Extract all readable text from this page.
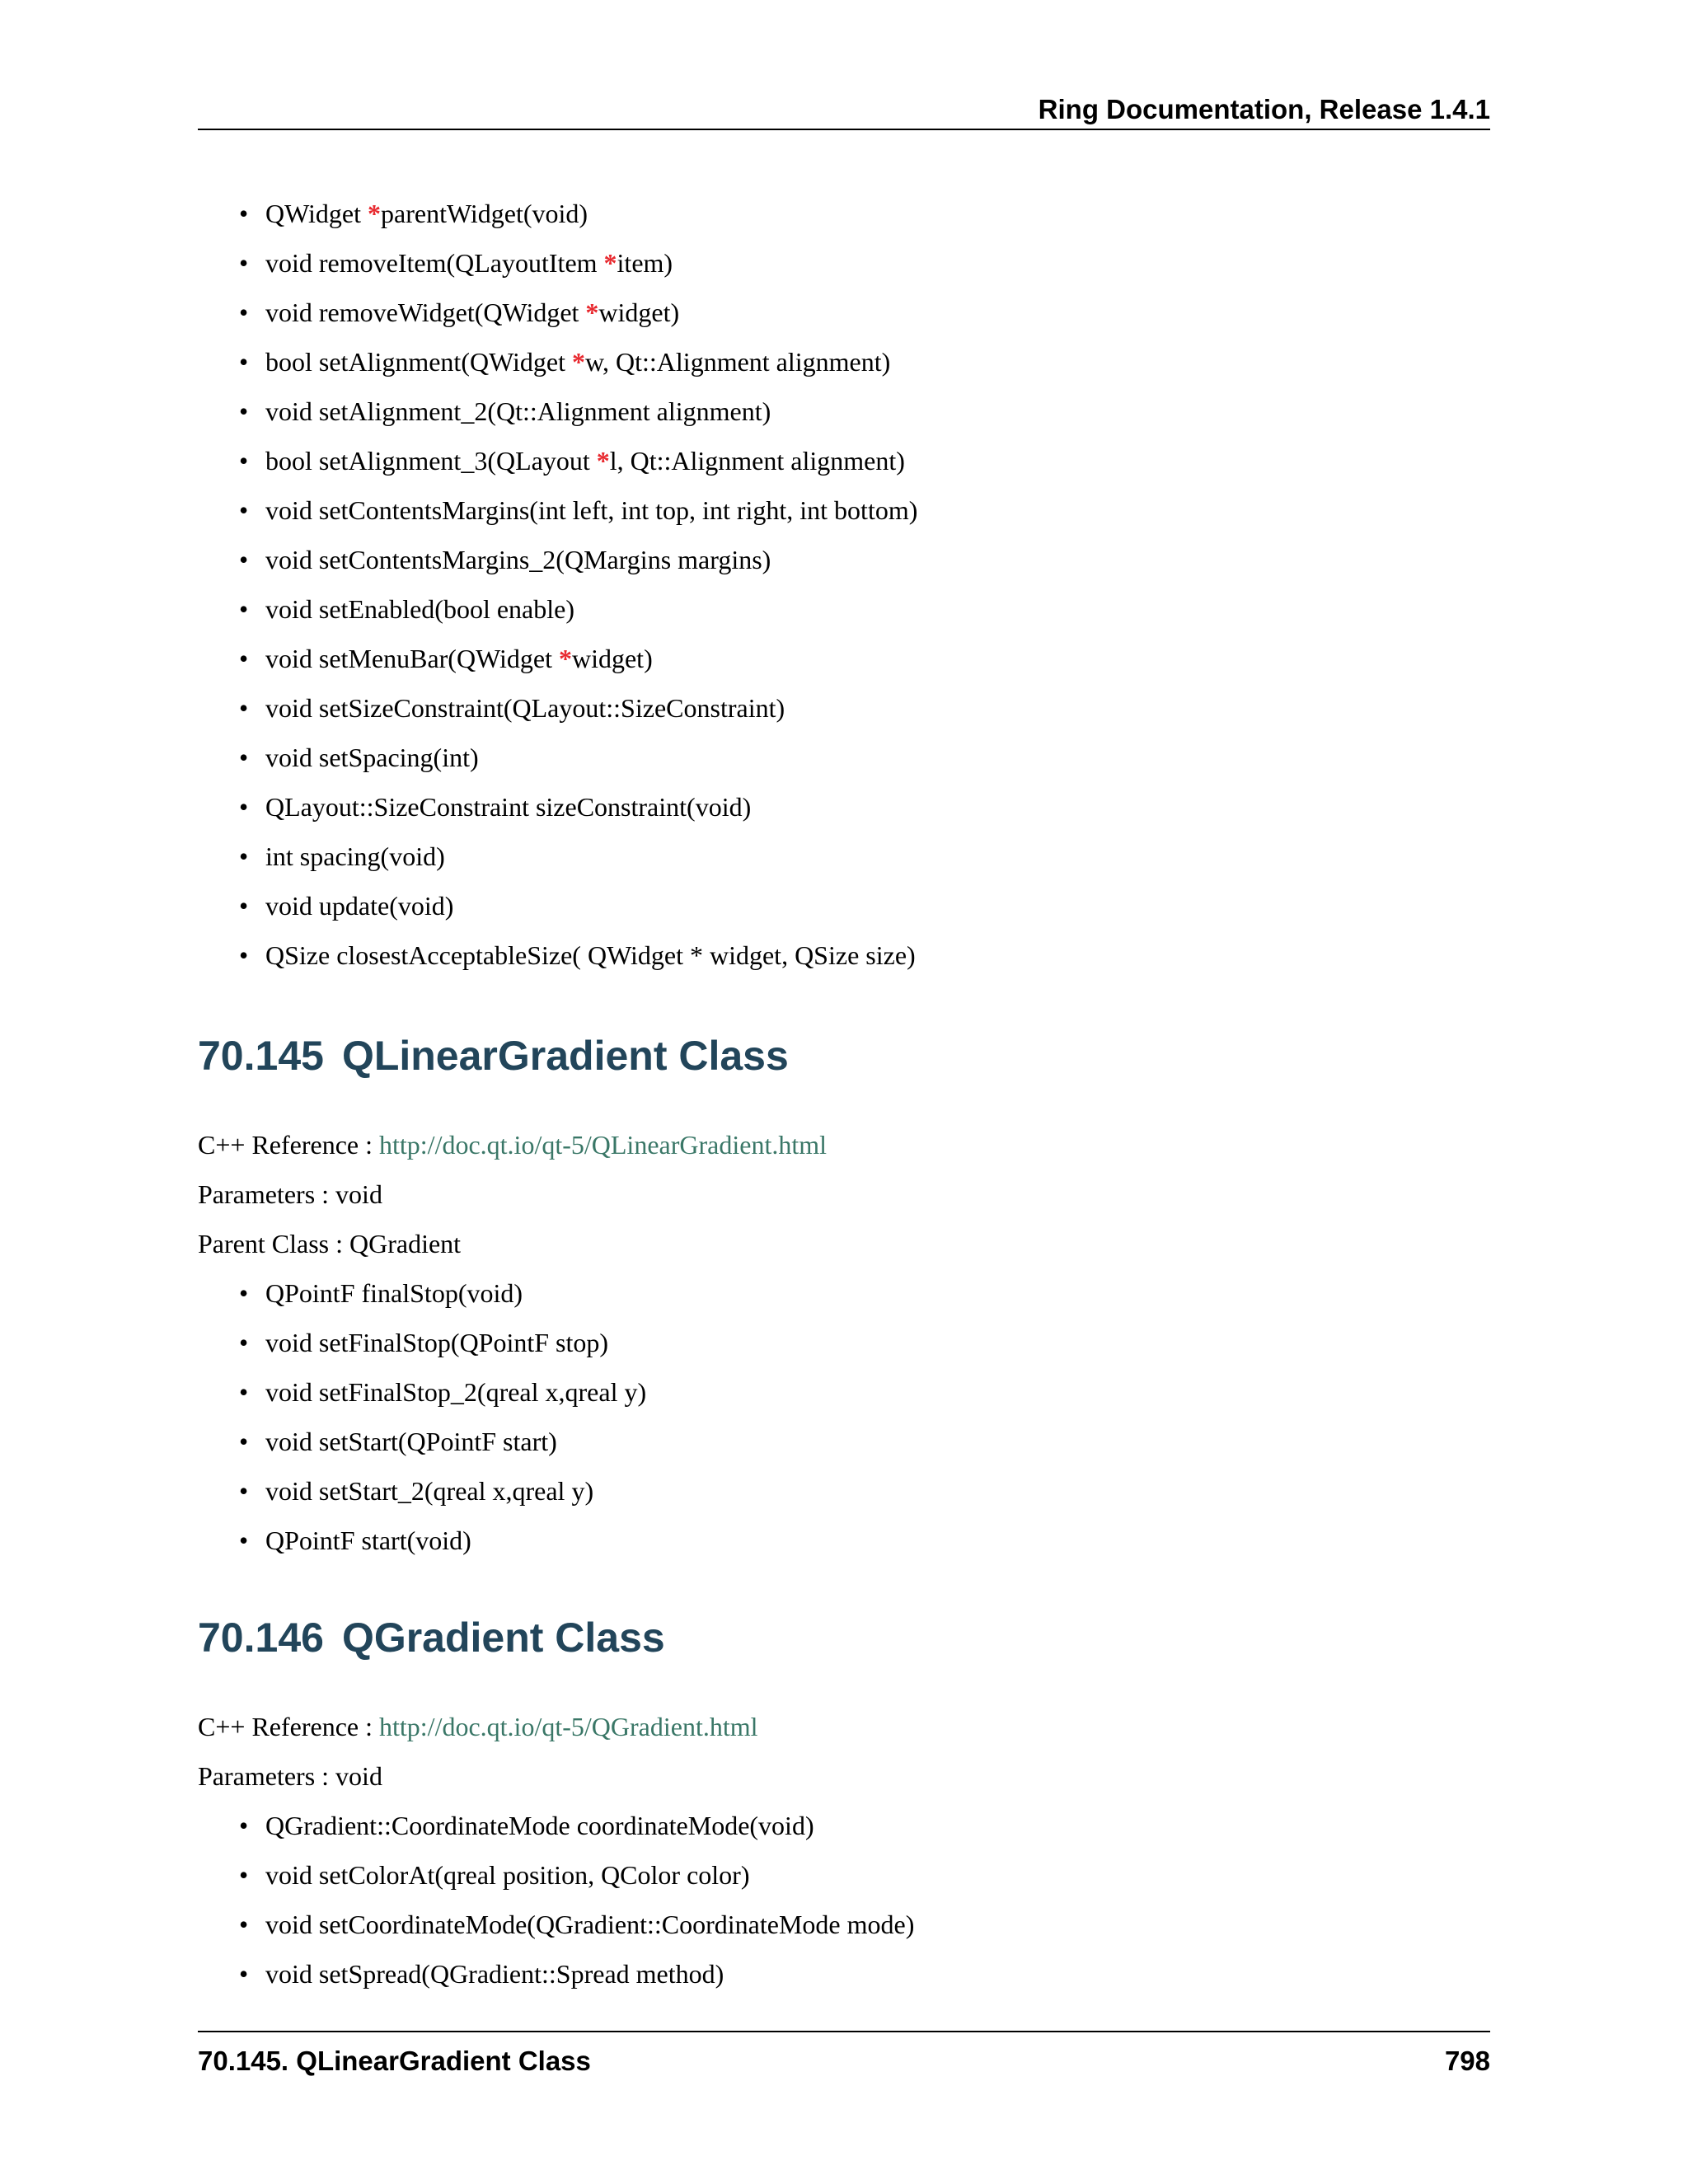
Ring Documentation, Release 1.4.1
• QWidget *parentWidget(void)
• void removeItem(QLayoutItem *item)
• void removeWidget(QWidget *widget)
• bool setAlignment(QWidget *w, Qt::Alignment alignment)
• void setAlignment_2(Qt::Alignment alignment)
• bool setAlignment_3(QLayout *l, Qt::Alignment alignment)
• void setContentsMargins(int left, int top, int right, int bottom)
• void setContentsMargins_2(QMargins margins)
• void setEnabled(bool enable)
• void setMenuBar(QWidget *widget)
• void setSizeConstraint(QLayout::SizeConstraint)
• void setSpacing(int)
• QLayout::SizeConstraint sizeConstraint(void)
• int spacing(void)
• void update(void)
• QSize closestAcceptableSize( QWidget * widget, QSize size)
70.145 QLinearGradient Class
C++ Reference : http://doc.qt.io/qt-5/QLinearGradient.html
Parameters : void
Parent Class : QGradient
• QPointF finalStop(void)
• void setFinalStop(QPointF stop)
• void setFinalStop_2(qreal x,qreal y)
• void setStart(QPointF start)
• void setStart_2(qreal x,qreal y)
• QPointF start(void)
70.146 QGradient Class
C++ Reference : http://doc.qt.io/qt-5/QGradient.html
Parameters : void
• QGradient::CoordinateMode coordinateMode(void)
• void setColorAt(qreal position, QColor color)
• void setCoordinateMode(QGradient::CoordinateMode mode)
• void setSpread(QGradient::Spread method)
70.145. QLinearGradient Class	798
